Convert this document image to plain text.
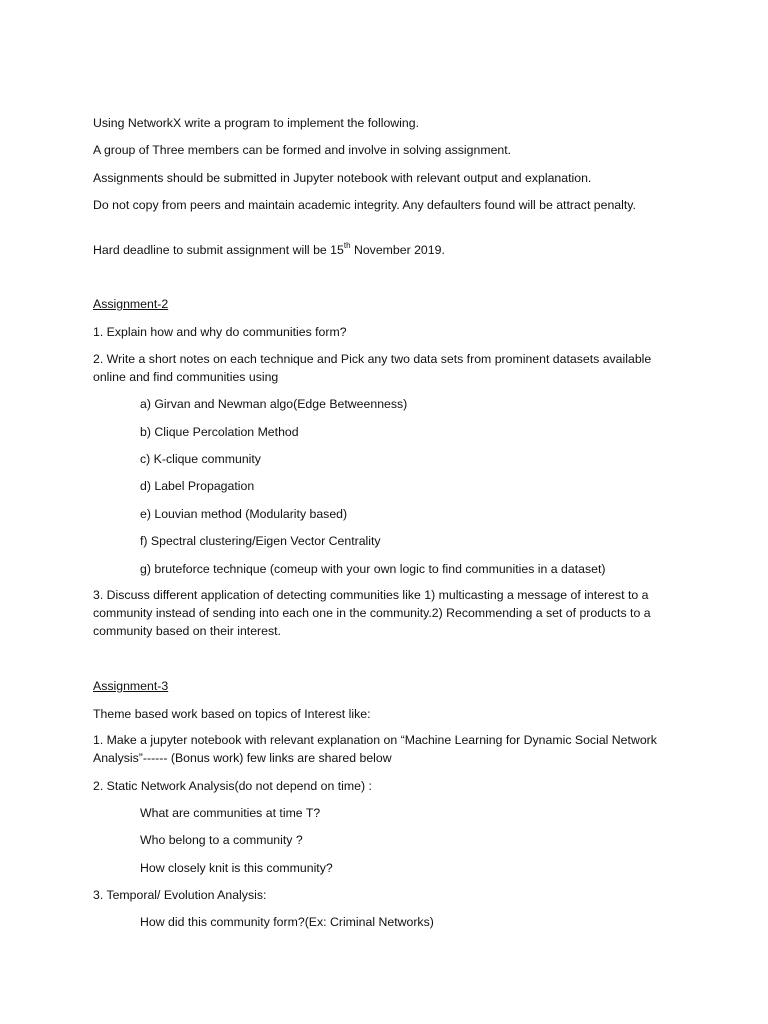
Using NetworkX write a program to implement the following.

A group of Three members can be formed and involve in solving assignment.

Assignments should be submitted in Jupyter notebook with relevant output and explanation.

Do not copy from peers and maintain academic integrity. Any defaulters found will be attract penalty.

Hard deadline to submit assignment will be 15th November 2019.

Assignment-2

1. Explain how and why do communities form?

2. Write a short notes on each technique and Pick any two data sets from prominent datasets available online and find communities using

a) Girvan and Newman algo(Edge Betweenness)

b) Clique Percolation Method

c) K-clique community

d) Label Propagation

e) Louvian method (Modularity based)

f) Spectral clustering/Eigen Vector Centrality

g) bruteforce technique (comeup with your own logic to find communities in a dataset)

3. Discuss different application of detecting communities like 1) multicasting a message of interest to a community instead of sending into each one in the community.2) Recommending a set of products to a community based on their interest.

Assignment-3

Theme based work based on topics of Interest like:

1. Make a jupyter notebook with relevant explanation on “Machine Learning for Dynamic Social Network Analysis”------ (Bonus work) few links are shared below

2. Static Network Analysis(do not depend on time) :

What are communities at time T?

Who belong to a community ?

How closely knit is this community?

3. Temporal/ Evolution Analysis:

How did this community form?(Ex: Criminal Networks)
